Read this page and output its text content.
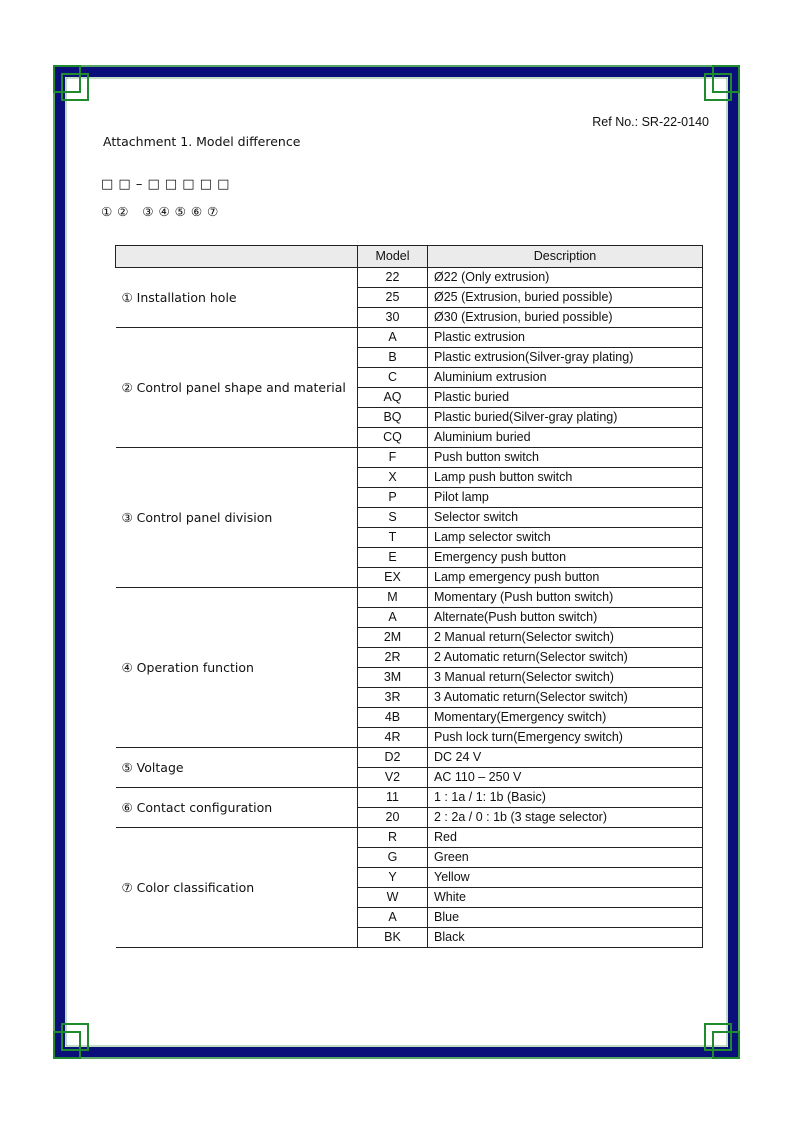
Ref No.: SR-22-0140
Attachment 1. Model difference
□ □ – □ □ □ □ □
① ②   ③ ④ ⑤ ⑥ ⑦
	Model	Description
① Installation hole	22	Ø22 (Only extrusion)
	25	Ø25 (Extrusion, buried possible)
	30	Ø30 (Extrusion, buried possible)
② Control panel shape and material	A	Plastic extrusion
	B	Plastic extrusion(Silver-gray plating)
	C	Aluminium extrusion
	AQ	Plastic buried
	BQ	Plastic buried(Silver-gray plating)
	CQ	Aluminium buried
③ Control panel division	F	Push button switch
	X	Lamp push button switch
	P	Pilot lamp
	S	Selector switch
	T	Lamp selector switch
	E	Emergency push button
	EX	Lamp emergency push button
④ Operation function	M	Momentary (Push button switch)
	A	Alternate(Push button switch)
	2M	2 Manual return(Selector switch)
	2R	2 Automatic return(Selector switch)
	3M	3 Manual return(Selector switch)
	3R	3 Automatic return(Selector switch)
	4B	Momentary(Emergency switch)
	4R	Push lock turn(Emergency switch)
⑤ Voltage	D2	DC 24 V
	V2	AC 110 – 250 V
⑥ Contact configuration	11	1 : 1a / 1: 1b (Basic)
	20	2 : 2a / 0 : 1b (3 stage selector)
⑦ Color classification	R	Red
	G	Green
	Y	Yellow
	W	White
	A	Blue
	BK	Black
